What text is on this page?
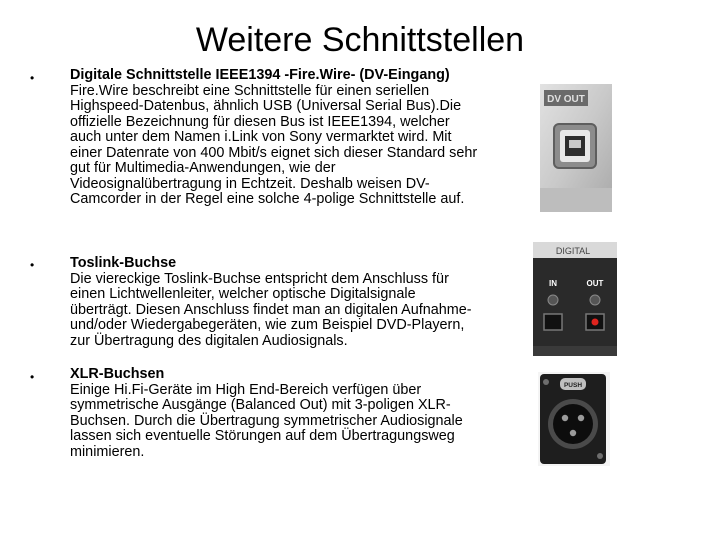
Weitere Schnittstellen
• Digitale Schnittstelle IEEE1394 -Fire.Wire- (DV-Eingang)
Fire.Wire beschreibt eine Schnittstelle für einen seriellen Highspeed-Datenbus, ähnlich USB (Universal Serial Bus).Die offizielle Bezeichnung für diesen Bus ist IEEE1394, welcher auch unter dem Namen i.Link von Sony vermarktet wird. Mit einer Datenrate von 400 Mbit/s eignet sich dieser Standard sehr gut für Multimedia-Anwendungen, wie der Videosignalübertragung in Echtzeit. Deshalb weisen DV-Camcorder in der Regel eine solche 4-polige Schnittstelle auf.
• Toslink-Buchse
Die viereckige Toslink-Buchse entspricht dem Anschluss für einen Lichtwellenleiter, welcher optische Digitalsignale überträgt. Diesen Anschluss findet man an digitalen Aufnahme- und/oder Wiedergabegeräten, wie zum Beispiel DVD-Playern, zur Übertragung des digitalen Audiosignals.
• XLR-Buchsen
Einige Hi.Fi-Geräte im High End-Bereich verfügen über symmetrische Ausgänge (Balanced Out) mit 3-poligen XLR-Buchsen. Durch die Übertragung symmetrischer Audiosignale lassen sich eventuelle Störungen auf dem Übertragungsweg minimieren.
DV OUT
DIGITAL
IN	OUT
PUSH
